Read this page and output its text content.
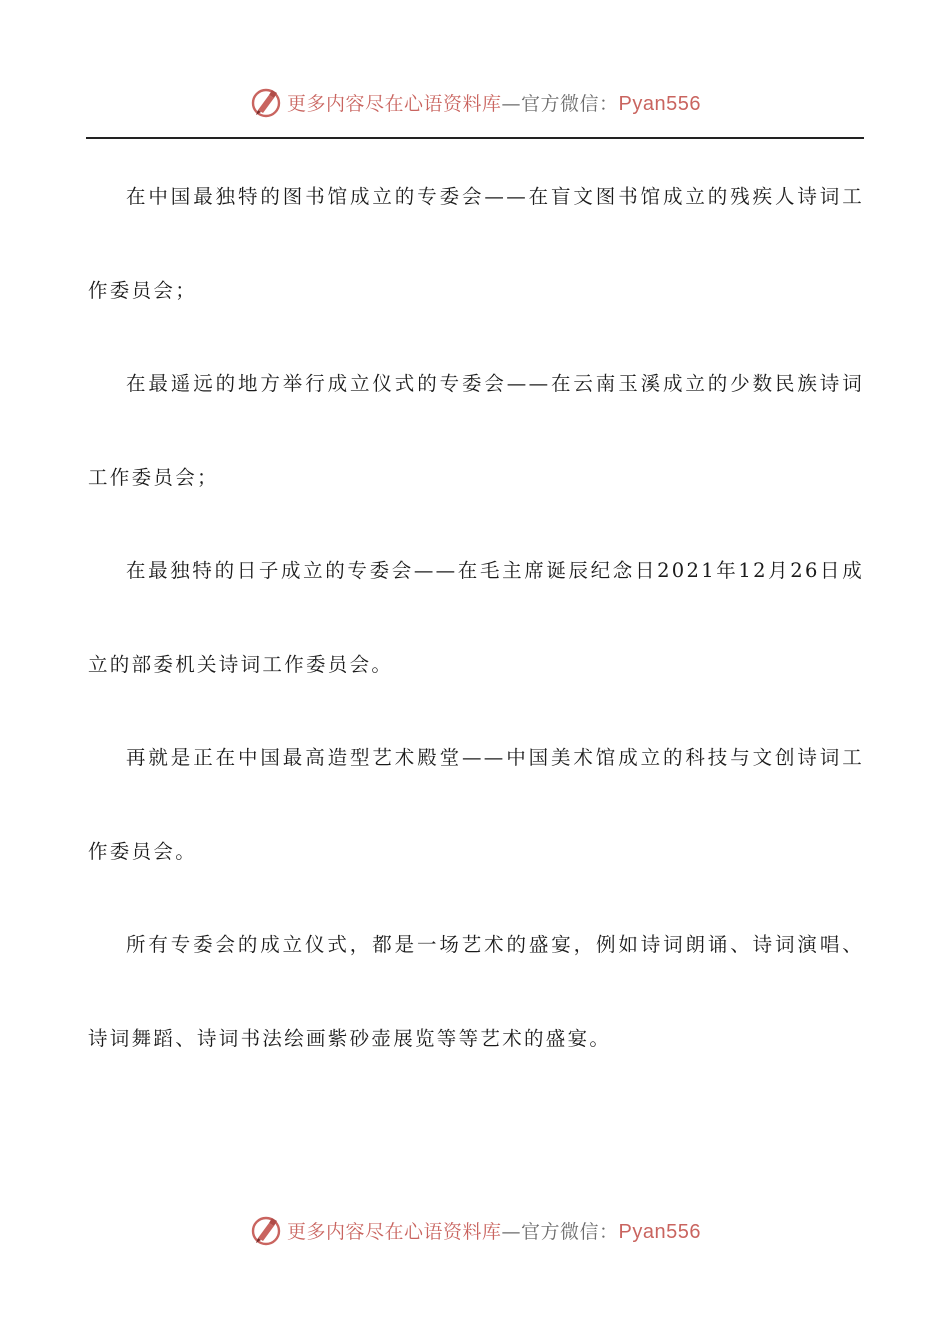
更多内容尽在心语资料库—官方微信：Pyan556

在中国最独特的图书馆成立的专委会——在盲文图书馆成立的残疾人诗词工作委员会；

在最遥远的地方举行成立仪式的专委会——在云南玉溪成立的少数民族诗词工作委员会；

在最独特的日子成立的专委会——在毛主席诞辰纪念日2021年12月26日成立的部委机关诗词工作委员会。

再就是正在中国最高造型艺术殿堂——中国美术馆成立的科技与文创诗词工作委员会。

所有专委会的成立仪式，都是一场艺术的盛宴，例如诗词朗诵、诗词演唱、诗词舞蹈、诗词书法绘画紫砂壶展览等等艺术的盛宴。

更多内容尽在心语资料库—官方微信：Pyan556
